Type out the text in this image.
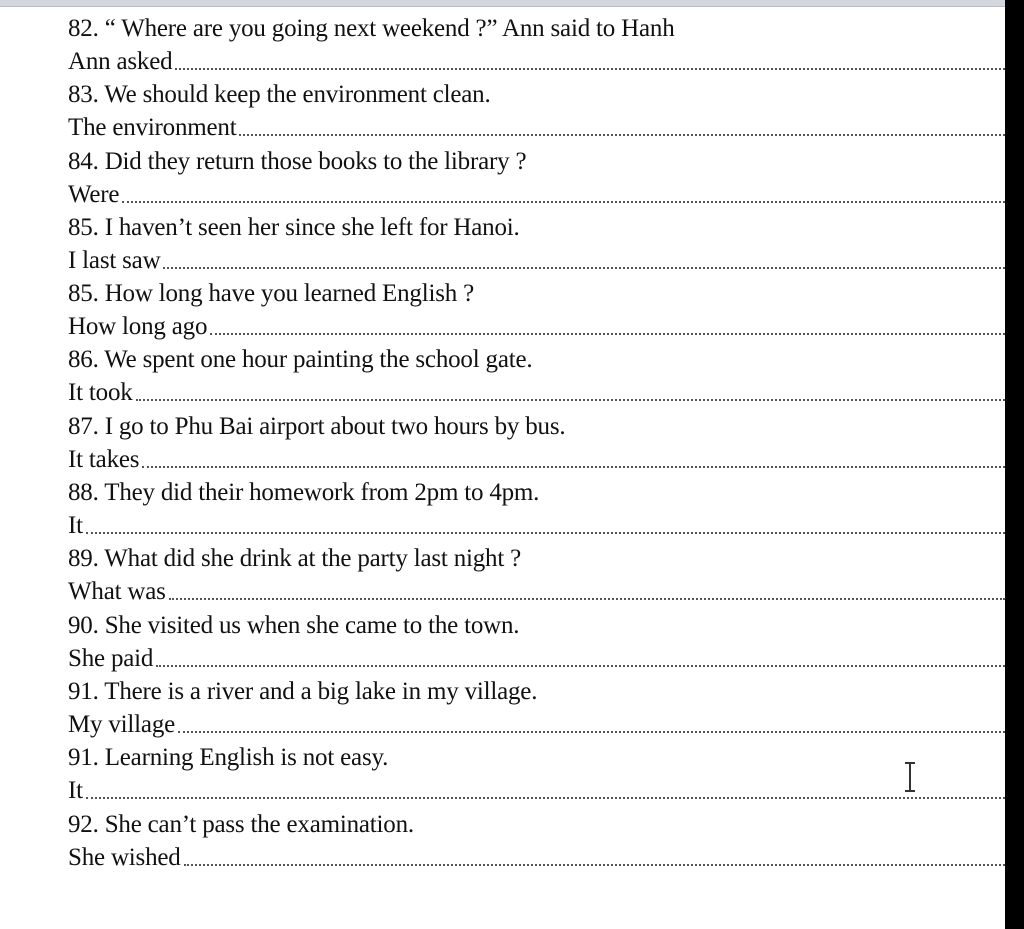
82. “ Where are you going next weekend ?” Ann said to Hanh
Ann asked
83. We should keep the environment clean.
The environment
84. Did they return those books to the library ?
Were
85. I haven’t seen her since she left for Hanoi.
I last saw
85. How long have you learned English ?
How long ago
86. We spent one hour painting the school gate.
It took
87. I go to Phu Bai airport about two hours by bus.
It takes
88. They did their homework from 2pm to 4pm.
It
89. What did she drink at the party last night ?
What was
90. She visited us when she came to the town.
She paid
91. There is a river and a big lake in my village.
My village
91. Learning English is not easy.
It
92. She can’t pass the examination.
She wished
